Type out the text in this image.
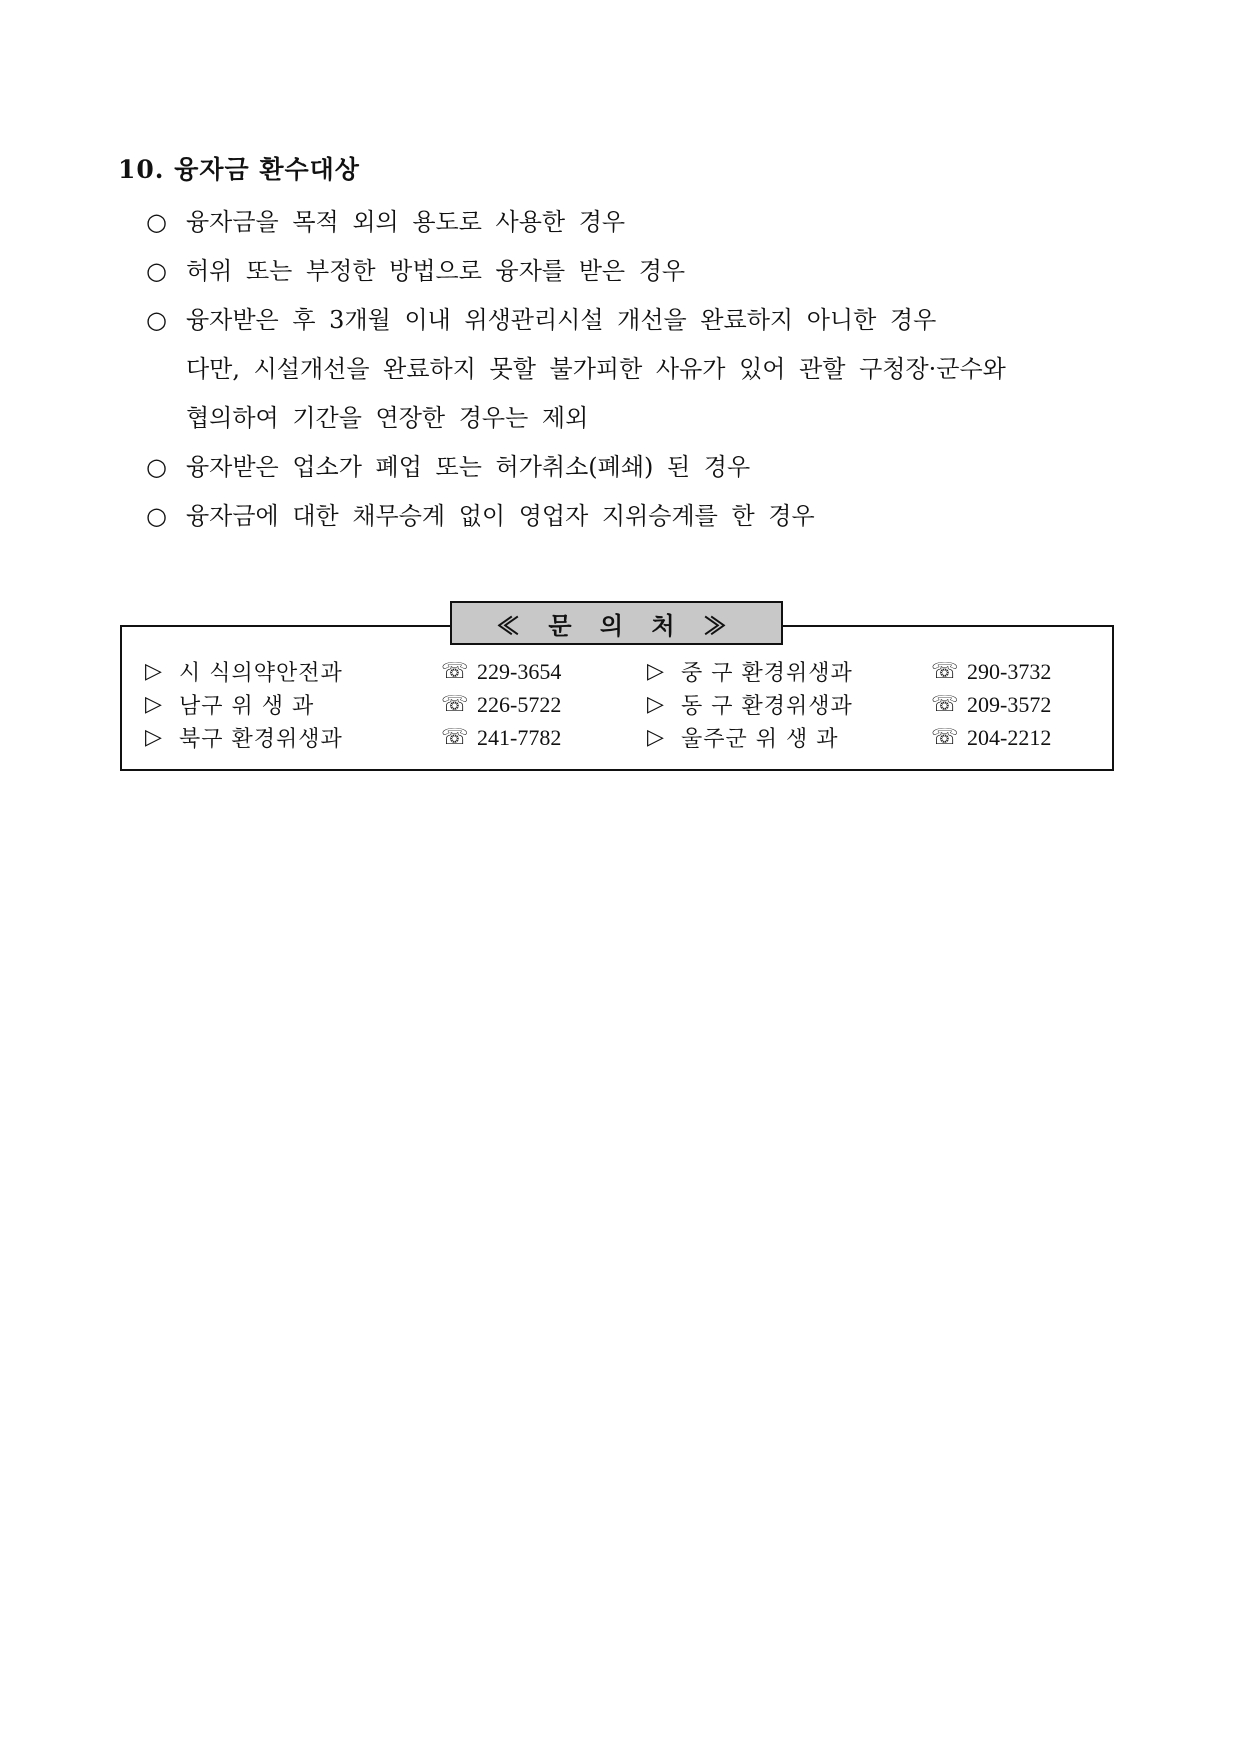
10. 융자금 환수대상
○ 융자금을 목적 외의 용도로 사용한 경우
○ 허위 또는 부정한 방법으로 융자를 받은 경우
○ 융자받은 후 3개월 이내 위생관리시설 개선을 완료하지 아니한 경우
다만, 시설개선을 완료하지 못할 불가피한 사유가 있어 관할 구청장·군수와
협의하여 기간을 연장한 경우는 제외
○ 융자받은 업소가 폐업 또는 허가취소(폐쇄) 된 경우
○ 융자금에 대한 채무승계 없이 영업자 지위승계를 한 경우
≪ 문 의 처 ≫
▷ 시 식의약안전과	☏ 229-3654	▷ 중 구 환경위생과	☏ 290-3732
▷ 남구 위 생 과	☏ 226-5722	▷ 동 구 환경위생과	☏ 209-3572
▷ 북구 환경위생과	☏ 241-7782	▷ 울주군 위 생 과	☏ 204-2212
